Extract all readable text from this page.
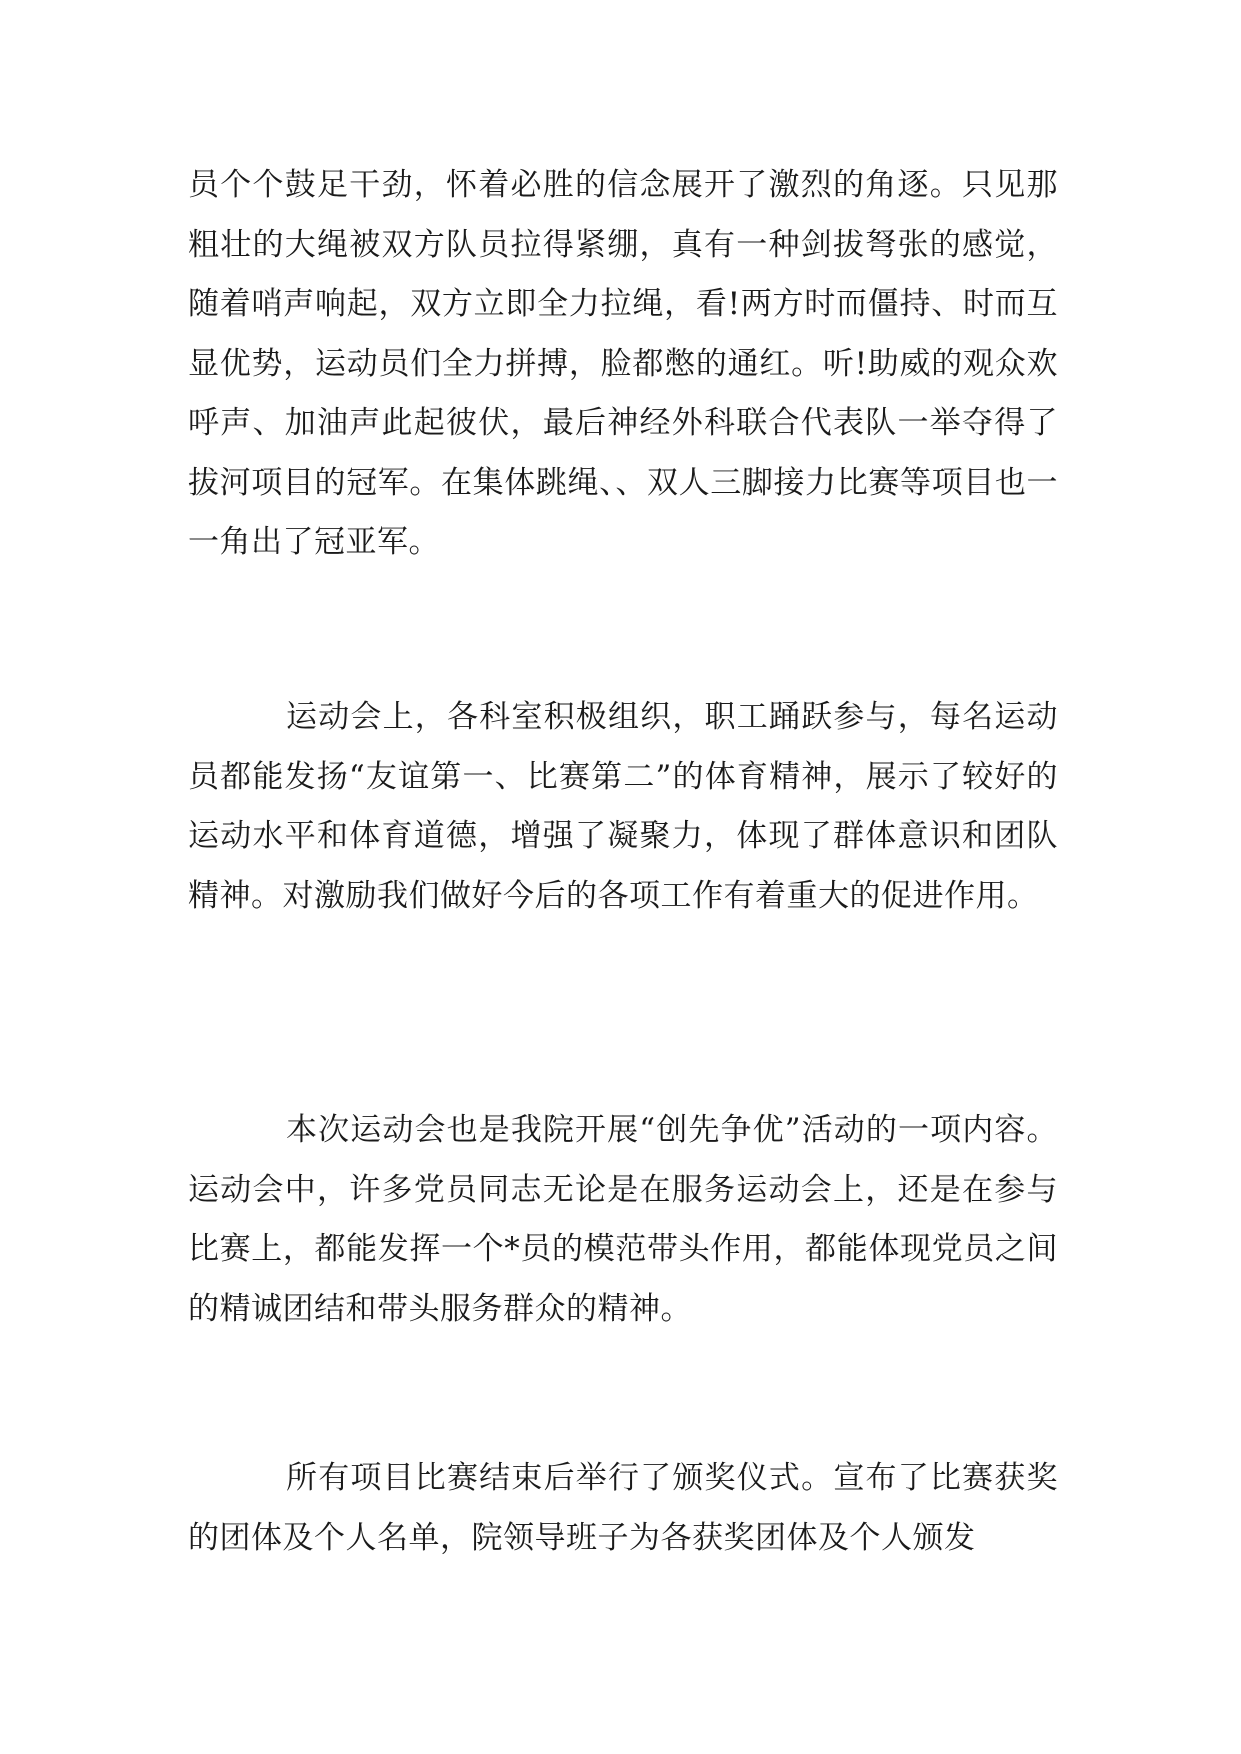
员个个鼓足干劲，怀着必胜的信念展开了激烈的角逐。只见那粗壮的大绳被双方队员拉得紧绷，真有一种剑拔弩张的感觉，随着哨声响起，双方立即全力拉绳，看!两方时而僵持、时而互显优势，运动员们全力拼搏，脸都憋的通红。听!助威的观众欢呼声、加油声此起彼伏，最后神经外科联合代表队一举夺得了拔河项目的冠军。在集体跳绳、、双人三脚接力比赛等项目也一一角出了冠亚军。

运动会上，各科室积极组织，职工踊跃参与，每名运动员都能发扬“友谊第一、比赛第二”的体育精神，展示了较好的运动水平和体育道德，增强了凝聚力，体现了群体意识和团队精神。对激励我们做好今后的各项工作有着重大的促进作用。

本次运动会也是我院开展“创先争优”活动的一项内容。运动会中，许多党员同志无论是在服务运动会上，还是在参与比赛上，都能发挥一个*员的模范带头作用，都能体现党员之间的精诚团结和带头服务群众的精神。

所有项目比赛结束后举行了颁奖仪式。宣布了比赛获奖的团体及个人名单，院领导班子为各获奖团体及个人颁发
